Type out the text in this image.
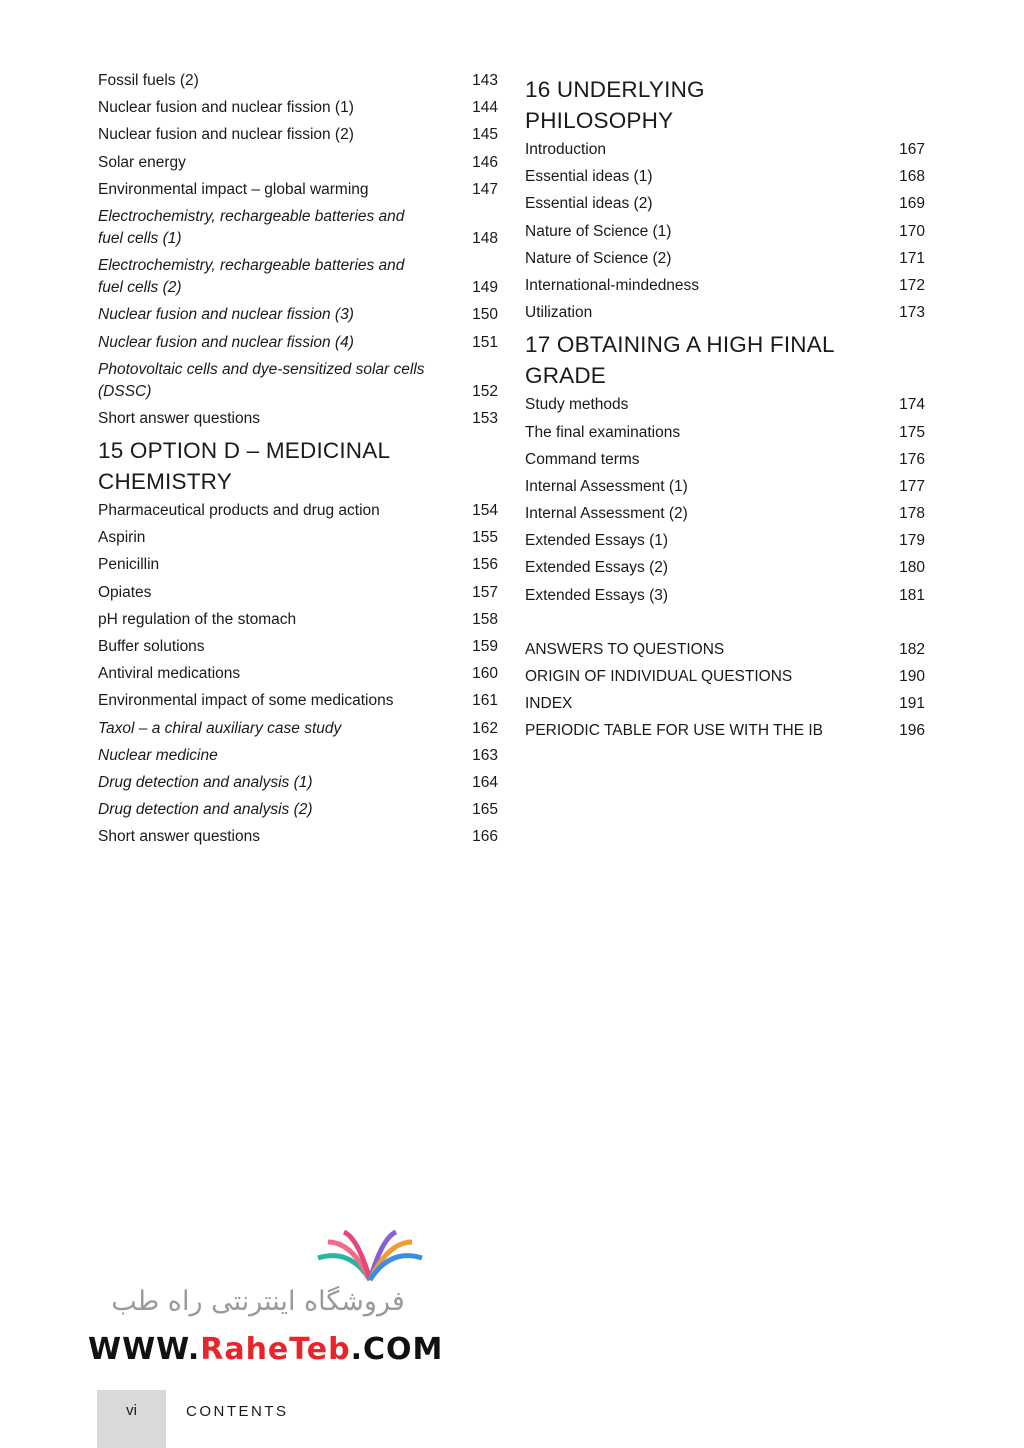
Fossil fuels (2)	143
Nuclear fusion and nuclear fission (1)	144
Nuclear fusion and nuclear fission (2)	145
Solar energy	146
Environmental impact – global warming	147
Electrochemistry, rechargeable batteries and fuel cells (1)	148
Electrochemistry, rechargeable batteries and fuel cells (2)	149
Nuclear fusion and nuclear fission (3)	150
Nuclear fusion and nuclear fission (4)	151
Photovoltaic cells and dye-sensitized solar cells (DSSC)	152
Short answer questions	153
15 OPTION D – MEDICINAL CHEMISTRY
Pharmaceutical products and drug action	154
Aspirin	155
Penicillin	156
Opiates	157
pH regulation of the stomach	158
Buffer solutions	159
Antiviral medications	160
Environmental impact of some medications	161
Taxol – a chiral auxiliary case study	162
Nuclear medicine	163
Drug detection and analysis (1)	164
Drug detection and analysis (2)	165
Short answer questions	166
16 UNDERLYING PHILOSOPHY
Introduction	167
Essential ideas (1)	168
Essential ideas (2)	169
Nature of Science (1)	170
Nature of Science (2)	171
International-mindedness	172
Utilization	173
17 OBTAINING A HIGH FINAL GRADE
Study methods	174
The final examinations	175
Command terms	176
Internal Assessment (1)	177
Internal Assessment (2)	178
Extended Essays (1)	179
Extended Essays (2)	180
Extended Essays (3)	181
ANSWERS TO QUESTIONS	182
ORIGIN OF INDIVIDUAL QUESTIONS	190
INDEX	191
PERIODIC TABLE FOR USE WITH THE IB	196
فروشگاه اینترنتی راه طب
WWW.RaheTeb.COM
vi	CONTENTS
